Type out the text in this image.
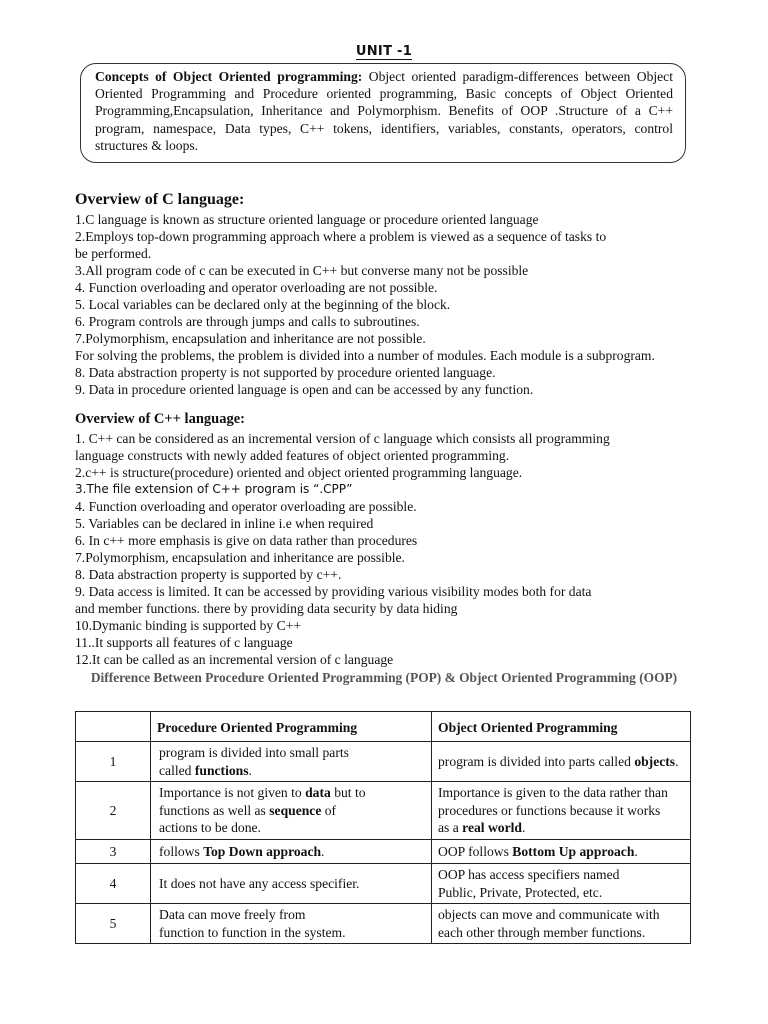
UNIT -1
Concepts of Object Oriented programming: Object oriented paradigm-differences between Object Oriented Programming and Procedure oriented programming, Basic concepts of Object Oriented Programming,Encapsulation, Inheritance and Polymorphism. Benefits of OOP .Structure of a C++ program, namespace, Data types, C++ tokens, identifiers, variables, constants, operators, control structures & loops.
Overview of C language:
1.C language is known as structure oriented language or procedure oriented language
2.Employs top-down programming approach where a problem is viewed as a sequence of tasks to
be performed.
3.All program code of c can be executed in C++ but converse many not be possible
4. Function overloading and operator overloading are not possible.
5. Local variables can be declared only at the beginning of the block.
6. Program controls are through jumps and calls to subroutines.
7.Polymorphism, encapsulation and inheritance are not possible.
For solving the problems, the problem is divided into a number of modules. Each module is a subprogram.
8. Data abstraction property is not supported by procedure oriented language.
9. Data in procedure oriented language is open and can be accessed by any function.
Overview of C++ language:
1. C++ can be considered as an incremental version of c language which consists all programming
language constructs with newly added features of object oriented programming.
2.c++ is structure(procedure) oriented and object oriented programming language.
3.The file extension of C++ program is “.CPP”
4. Function overloading and operator overloading are possible.
5. Variables can be declared in inline i.e when required
6. In c++ more emphasis is give on data rather than procedures
7.Polymorphism, encapsulation and inheritance are possible.
8. Data abstraction property is supported by c++.
9. Data access is limited. It can be accessed by providing various visibility modes both for data
and member functions. there by providing data security by data hiding
10.Dymanic binding is supported by C++
11..It supports all features of c language
12.It can be called as an incremental version of c language
Difference Between Procedure Oriented Programming (POP) & Object Oriented Programming (OOP)
	Procedure Oriented Programming	Object Oriented Programming
1	program is divided into small parts
called functions.	program is divided into parts called objects.
2	Importance is not given to data but to
functions as well as sequence of
actions to be done.	Importance is given to the data rather than
procedures or functions because it works
as a real world.
3	follows Top Down approach.	OOP follows Bottom Up approach.
4	It does not have any access specifier.	OOP has access specifiers named
Public, Private, Protected, etc.
5	Data can move freely from
function to function in the system.	objects can move and communicate with
each other through member functions.
